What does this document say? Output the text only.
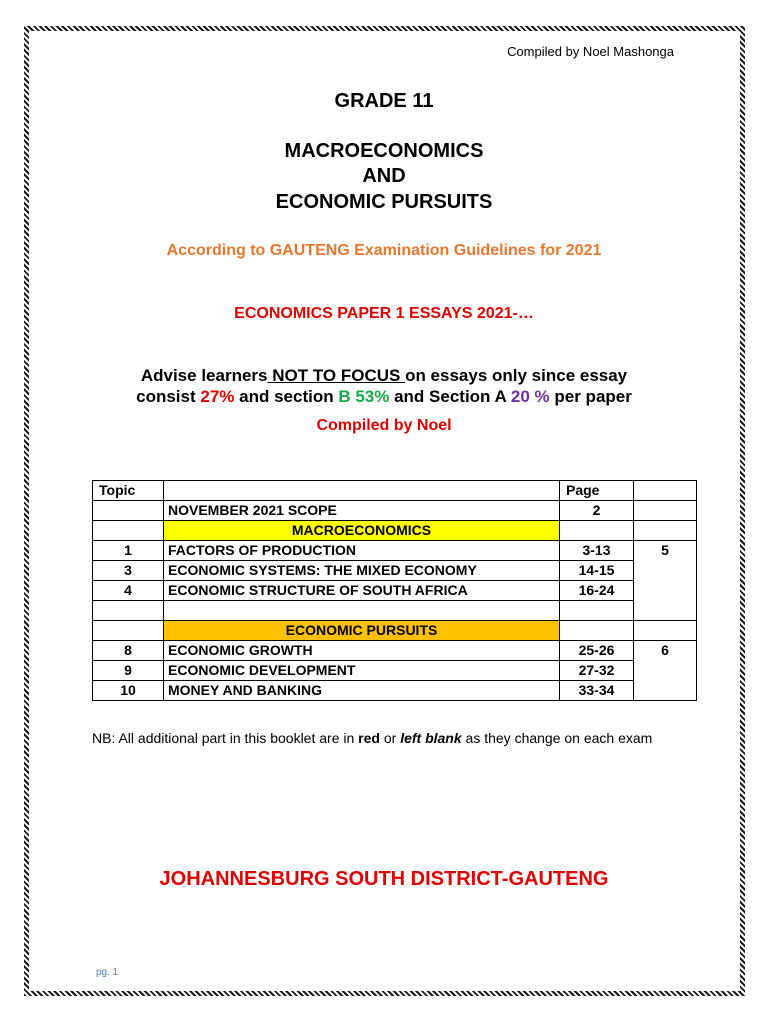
Compiled by Noel Mashonga
GRADE 11
MACROECONOMICS
AND
ECONOMIC PURSUITS
According to GAUTENG Examination Guidelines for 2021
ECONOMICS PAPER 1 ESSAYS 2021-…
Advise learners NOT TO FOCUS on essays only since essay
consist 27% and section B 53% and Section A 20 % per paper
Compiled by Noel
Topic		Page	
	NOVEMBER 2021 SCOPE	2	
	MACROECONOMICS		
1	FACTORS OF PRODUCTION	3-13	5
3	ECONOMIC SYSTEMS: THE MIXED ECONOMY	14-15	
4	ECONOMIC STRUCTURE OF SOUTH AFRICA	16-24	

	ECONOMIC PURSUITS		
8	ECONOMIC GROWTH	25-26	6
9	ECONOMIC DEVELOPMENT	27-32	
10	MONEY AND BANKING	33-34	
NB: All additional part in this booklet are in red or left blank as they change on each exam
JOHANNESBURG SOUTH DISTRICT-GAUTENG
pg. 1
